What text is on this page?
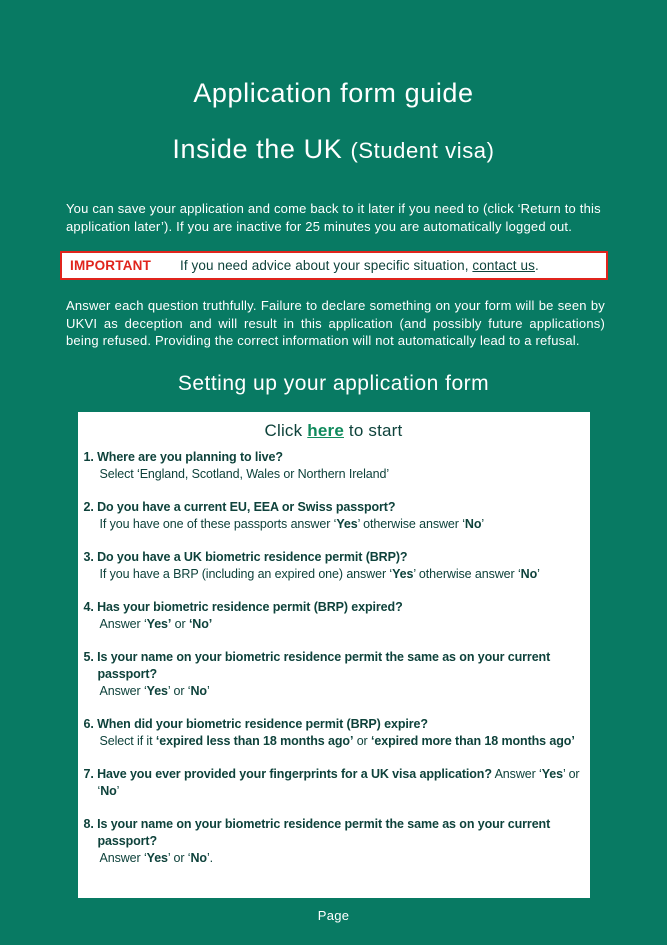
Application form guide
Inside the UK (Student visa)

You can save your application and come back to it later if you need to (click ‘Return to this application later’). If you are inactive for 25 minutes you are automatically logged out.

IMPORTANT	If you need advice about your specific situation, contact us.

Answer each question truthfully. Failure to declare something on your form will be seen by UKVI as deception and will result in this application (and possibly future applications) being refused. Providing the correct information will not automatically lead to a refusal.

Setting up your application form
Click here to start
1. Where are you planning to live?
Select ‘England, Scotland, Wales or Northern Ireland’
2. Do you have a current EU, EEA or Swiss passport?
If you have one of these passports answer ‘Yes’ otherwise answer ‘No’
3. Do you have a UK biometric residence permit (BRP)?
If you have a BRP (including an expired one) answer ‘Yes’ otherwise answer ‘No’
4. Has your biometric residence permit (BRP) expired?
Answer ‘Yes’ or ‘No’
5. Is your name on your biometric residence permit the same as on your current passport?
Answer ‘Yes’ or ‘No’
6. When did your biometric residence permit (BRP) expire?
Select if it ‘expired less than 18 months ago’ or ‘expired more than 18 months ago’
7. Have you ever provided your fingerprints for a UK visa application? Answer ‘Yes’ or ‘No’
8. Is your name on your biometric residence permit the same as on your current passport?
Answer ‘Yes’ or ‘No’.
Page
